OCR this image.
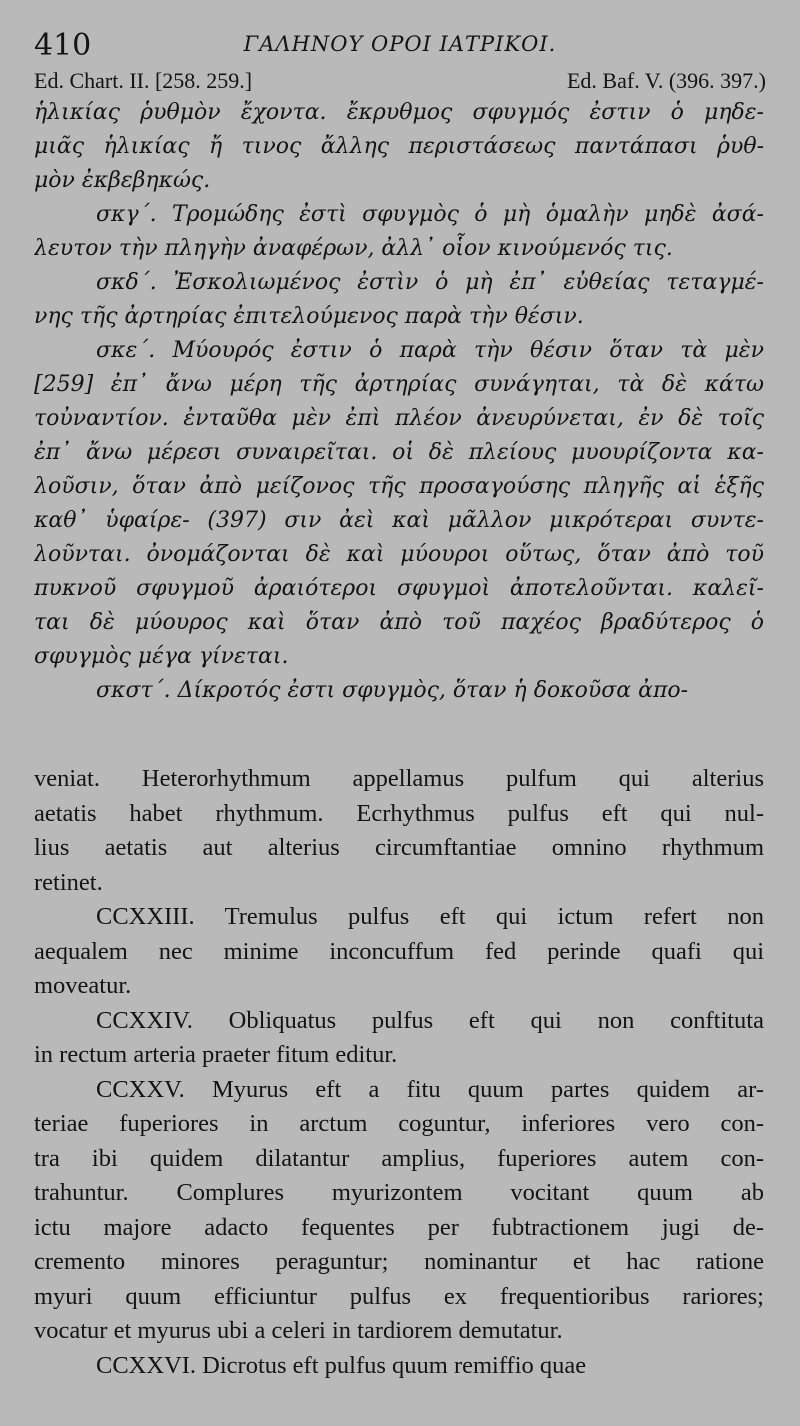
410	ΓΑΛΗΝΟΥ ΟΡΟΙ ΙΑΤΡΙΚΟΙ.
Ed. Chart. II. [258. 259.]	Ed. Baf. V. (396. 397.)
ἡλικίας ῥυθμὸν ἔχοντα. ἔκρυθμος σφυγμός ἐστιν ὁ μηδε-
μιᾶς ἡλικίας ἤ τινος ἄλλης περιστάσεως παντάπασι ῥυθ-
μὸν ἐκβεβηκώς.
σκγ΄. Τρομώδης ἐστὶ σφυγμὸς ὁ μὴ ὁμαλὴν μηδὲ ἀσά-
λευτον τὴν πληγὴν ἀναφέρων, ἀλλ᾽ οἷον κινούμενός τις.
σκδ΄. Ἐσκολιωμένος ἐστὶν ὁ μὴ ἐπ᾽ εὐθείας τεταγμέ-
νης τῆς ἀρτηρίας ἐπιτελούμενος παρὰ τὴν θέσιν.
σκε΄. Μύουρός ἐστιν ὁ παρὰ τὴν θέσιν ὅταν τὰ μὲν
[259] ἐπ᾽ ἄνω μέρη τῆς ἀρτηρίας συνάγηται, τὰ δὲ κάτω
τοὐναντίον. ἐνταῦθα μὲν ἐπὶ πλέον ἀνευρύνεται, ἐν δὲ τοῖς
ἐπ᾽ ἄνω μέρεσι συναιρεῖται. οἱ δὲ πλείους μυουρίζοντα κα-
λοῦσιν, ὅταν ἀπὸ μείζονος τῆς προσαγούσης πληγῆς αἱ ἑξῆς
καθ᾽ ὑφαίρε- (397) σιν ἀεὶ καὶ μᾶλλον μικρότεραι συντε-
λοῦνται. ὀνομάζονται δὲ καὶ μύουροι οὕτως, ὅταν ἀπὸ τοῦ
πυκνοῦ σφυγμοῦ ἀραιότεροι σφυγμοὶ ἀποτελοῦνται. καλεῖ-
ται δὲ μύουρος καὶ ὅταν ἀπὸ τοῦ παχέος βραδύτερος ὁ
σφυγμὸς μέγα γίνεται.
σκστ΄. Δίκροτός ἐστι σφυγμὸς, ὅταν ἡ δοκοῦσα ἀπο-
veniat. Heterorhythmum appellamus pulfum qui alterius
aetatis habet rhythmum. Ecrhythmus pulfus eft qui nul-
lius aetatis aut alterius circumftantiae omnino rhythmum
retinet.
CCXXIII. Tremulus pulfus eft qui ictum refert non
aequalem nec minime inconcuffum fed perinde quafi qui
moveatur.
CCXXIV. Obliquatus pulfus eft qui non conftituta
in rectum arteria praeter fitum editur.
CCXXV. Myurus eft a fitu quum partes quidem ar-
teriae fuperiores in arctum coguntur, inferiores vero con-
tra ibi quidem dilatantur amplius, fuperiores autem con-
trahuntur. Complures myurizontem vocitant quum ab
ictu majore adacto fequentes per fubtractionem jugi de-
cremento minores peraguntur; nominantur et hac ratione
myuri quum efficiuntur pulfus ex frequentioribus rariores;
vocatur et myurus ubi a celeri in tardiorem demutatur.
CCXXVI. Dicrotus eft pulfus quum remiffio quae
